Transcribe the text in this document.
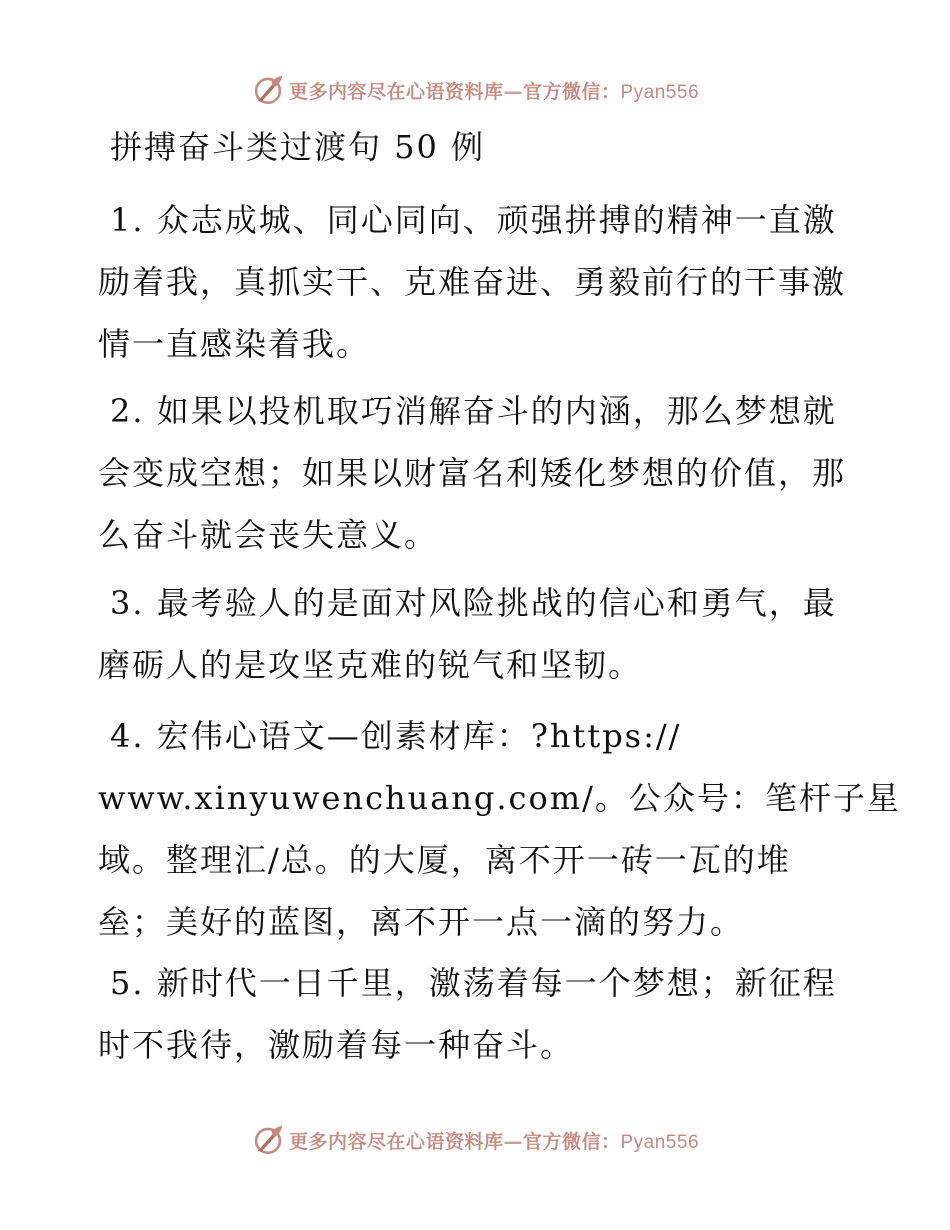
更多内容尽在心语资料库—官方微信：Pyan556
拼搏奋斗类过渡句 50 例

1. 众志成城、同心同向、顽强拼搏的精神一直激
励着我，真抓实干、克难奋进、勇毅前行的干事激
情一直感染着我。

2. 如果以投机取巧消解奋斗的内涵，那么梦想就
会变成空想；如果以财富名利矮化梦想的价值，那
么奋斗就会丧失意义。

3. 最考验人的是面对风险挑战的信心和勇气，最
磨砺人的是攻坚克难的锐气和坚韧。

4. 宏伟心语文—创素材库：?https://
www.xinyuwenchuang.com/。公众号：笔杆子星
域。整理汇/总。的大厦，离不开一砖一瓦的堆
垒；美好的蓝图，离不开一点一滴的努力。

5. 新时代一日千里，激荡着每一个梦想；新征程
时不我待，激励着每一种奋斗。

更多内容尽在心语资料库—官方微信：Pyan556
